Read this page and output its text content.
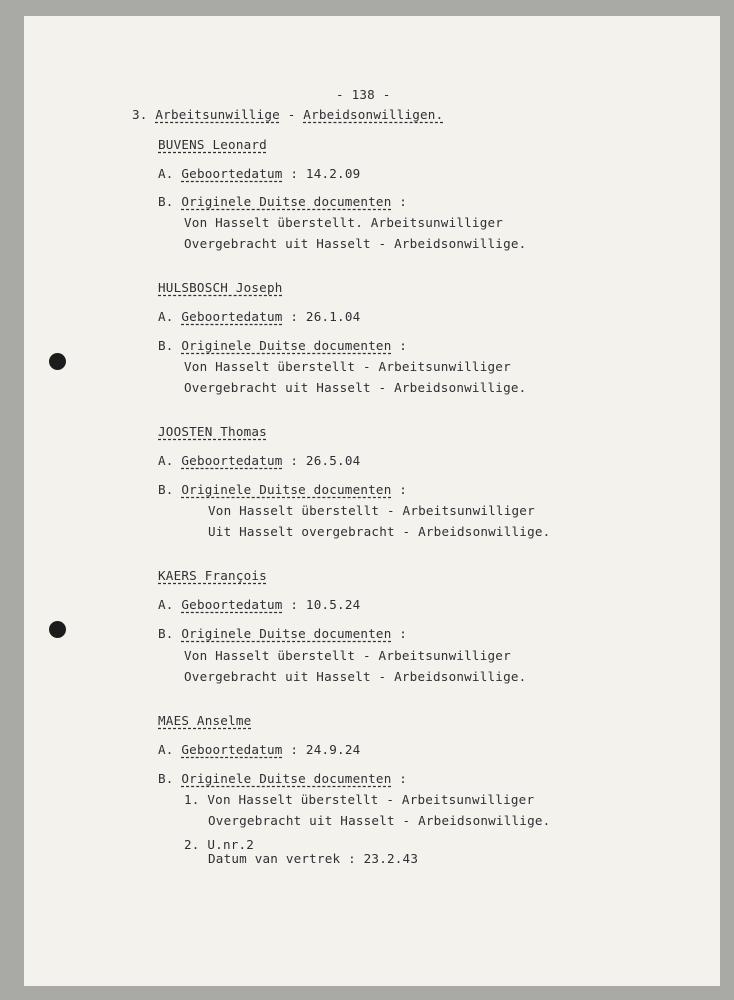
- 138 -
3. Arbeitsunwillige - Arbeidsonwilligen.
BUVENS Leonard
A. Geboortedatum : 14.2.09
B. Originele Duitse documenten :
Von Hasselt überstellt. Arbeitsunwilliger
Overgebracht uit Hasselt - Arbeidsonwillige.
HULSBOSCH Joseph
A. Geboortedatum : 26.1.04
B. Originele Duitse documenten :
Von Hasselt überstellt - Arbeitsunwilliger
Overgebracht uit Hasselt - Arbeidsonwillige.
JOOSTEN Thomas
A. Geboortedatum : 26.5.04
B. Originele Duitse documenten :
Von Hasselt überstellt - Arbeitsunwilliger
Uit Hasselt overgebracht - Arbeidsonwillige.
KAERS François
A. Geboortedatum : 10.5.24
B. Originele Duitse documenten :
Von Hasselt überstellt - Arbeitsunwilliger
Overgebracht uit Hasselt - Arbeidsonwillige.
MAES Anselme
A. Geboortedatum : 24.9.24
B. Originele Duitse documenten :
1. Von Hasselt überstellt - Arbeitsunwilliger
Overgebracht uit Hasselt - Arbeidsonwillige.
2. U.nr.2
Datum van vertrek : 23.2.43
